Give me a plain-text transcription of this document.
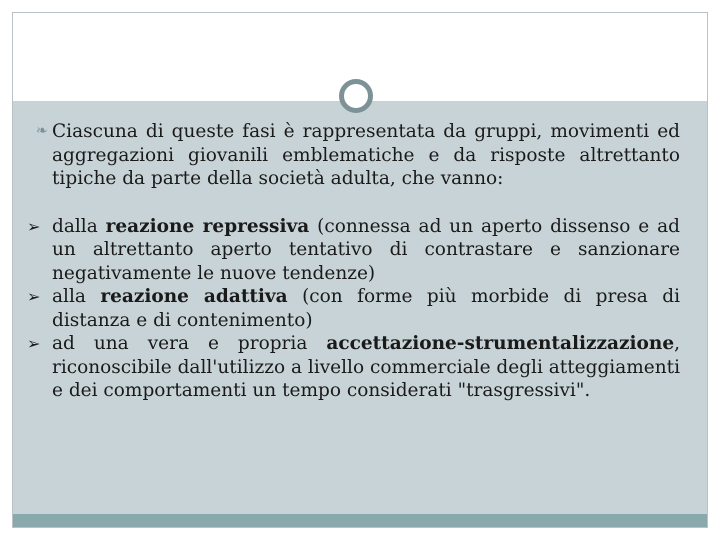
❧ Ciascuna di queste fasi è rappresentata da gruppi, movimenti ed aggregazioni giovanili emblematiche e da risposte altrettanto tipiche da parte della società adulta, che vanno:
➢ dalla reazione repressiva (connessa ad un aperto dissenso e ad un altrettanto aperto tentativo di contrastare e sanzionare negativamente le nuove tendenze)
➢ alla reazione adattiva (con forme più morbide di presa di distanza e di contenimento)
➢ ad una vera e propria accettazione-strumentalizzazione, riconoscibile dall'utilizzo a livello commerciale degli atteggiamenti e dei comportamenti un tempo considerati "trasgressivi".
